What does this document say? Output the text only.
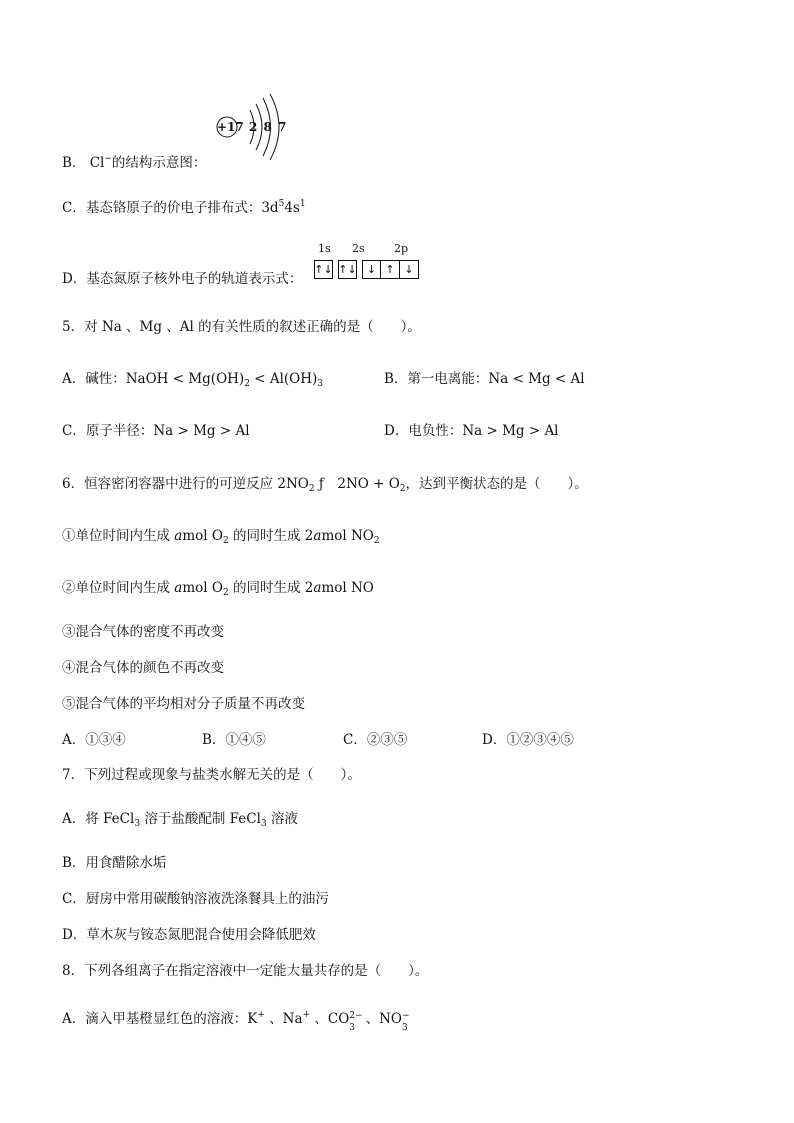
+17 2 8 7
B． Cl−的结构示意图：
C．基态铬原子的价电子排布式：$3d^54s^1$
1s 2s	2p
↑↓ ↑↓ ↓ ↑ ↓
D．基态氮原子核外电子的轨道表示式：
5．对 Na 、Mg 、Al 的有关性质的叙述正确的是（　　）。
A．碱性：NaOH < $Mg(OH)_2 < Al(OH)_3$	B．第一电离能：Na < Mg < Al
C．原子半径：Na > Mg > Al	D．电负性：Na > Mg > Al
6．恒容密闭容器中进行的可逆反应 $2NO_2$ ƒ　$2NO + O_2$，达到平衡状态的是（　　）。
①单位时间内生成 amol $O_2$ 的同时生成 2amol $NO_2$
②单位时间内生成 amol $O_2$ 的同时生成 2amol NO
③混合气体的密度不再改变
④混合气体的颜色不再改变
⑤混合气体的平均相对分子质量不再改变
A．①③④	B．①④⑤	C．②③⑤	D．①②③④⑤
7．下列过程或现象与盐类水解无关的是（　　）。
A．将 FeCl$_3$ 溶于盐酸配制 FeCl$_3$ 溶液
B．用食醋除水垢
C．厨房中常用碳酸钠溶液洗涤餐具上的油污
D．草木灰与铵态氮肥混合使用会降低肥效
8．下列各组离子在指定溶液中一定能大量共存的是（　　）。
A．滴入甲基橙显红色的溶液：K+ 、Na+ 、CO 2−
3
、NO −
3
